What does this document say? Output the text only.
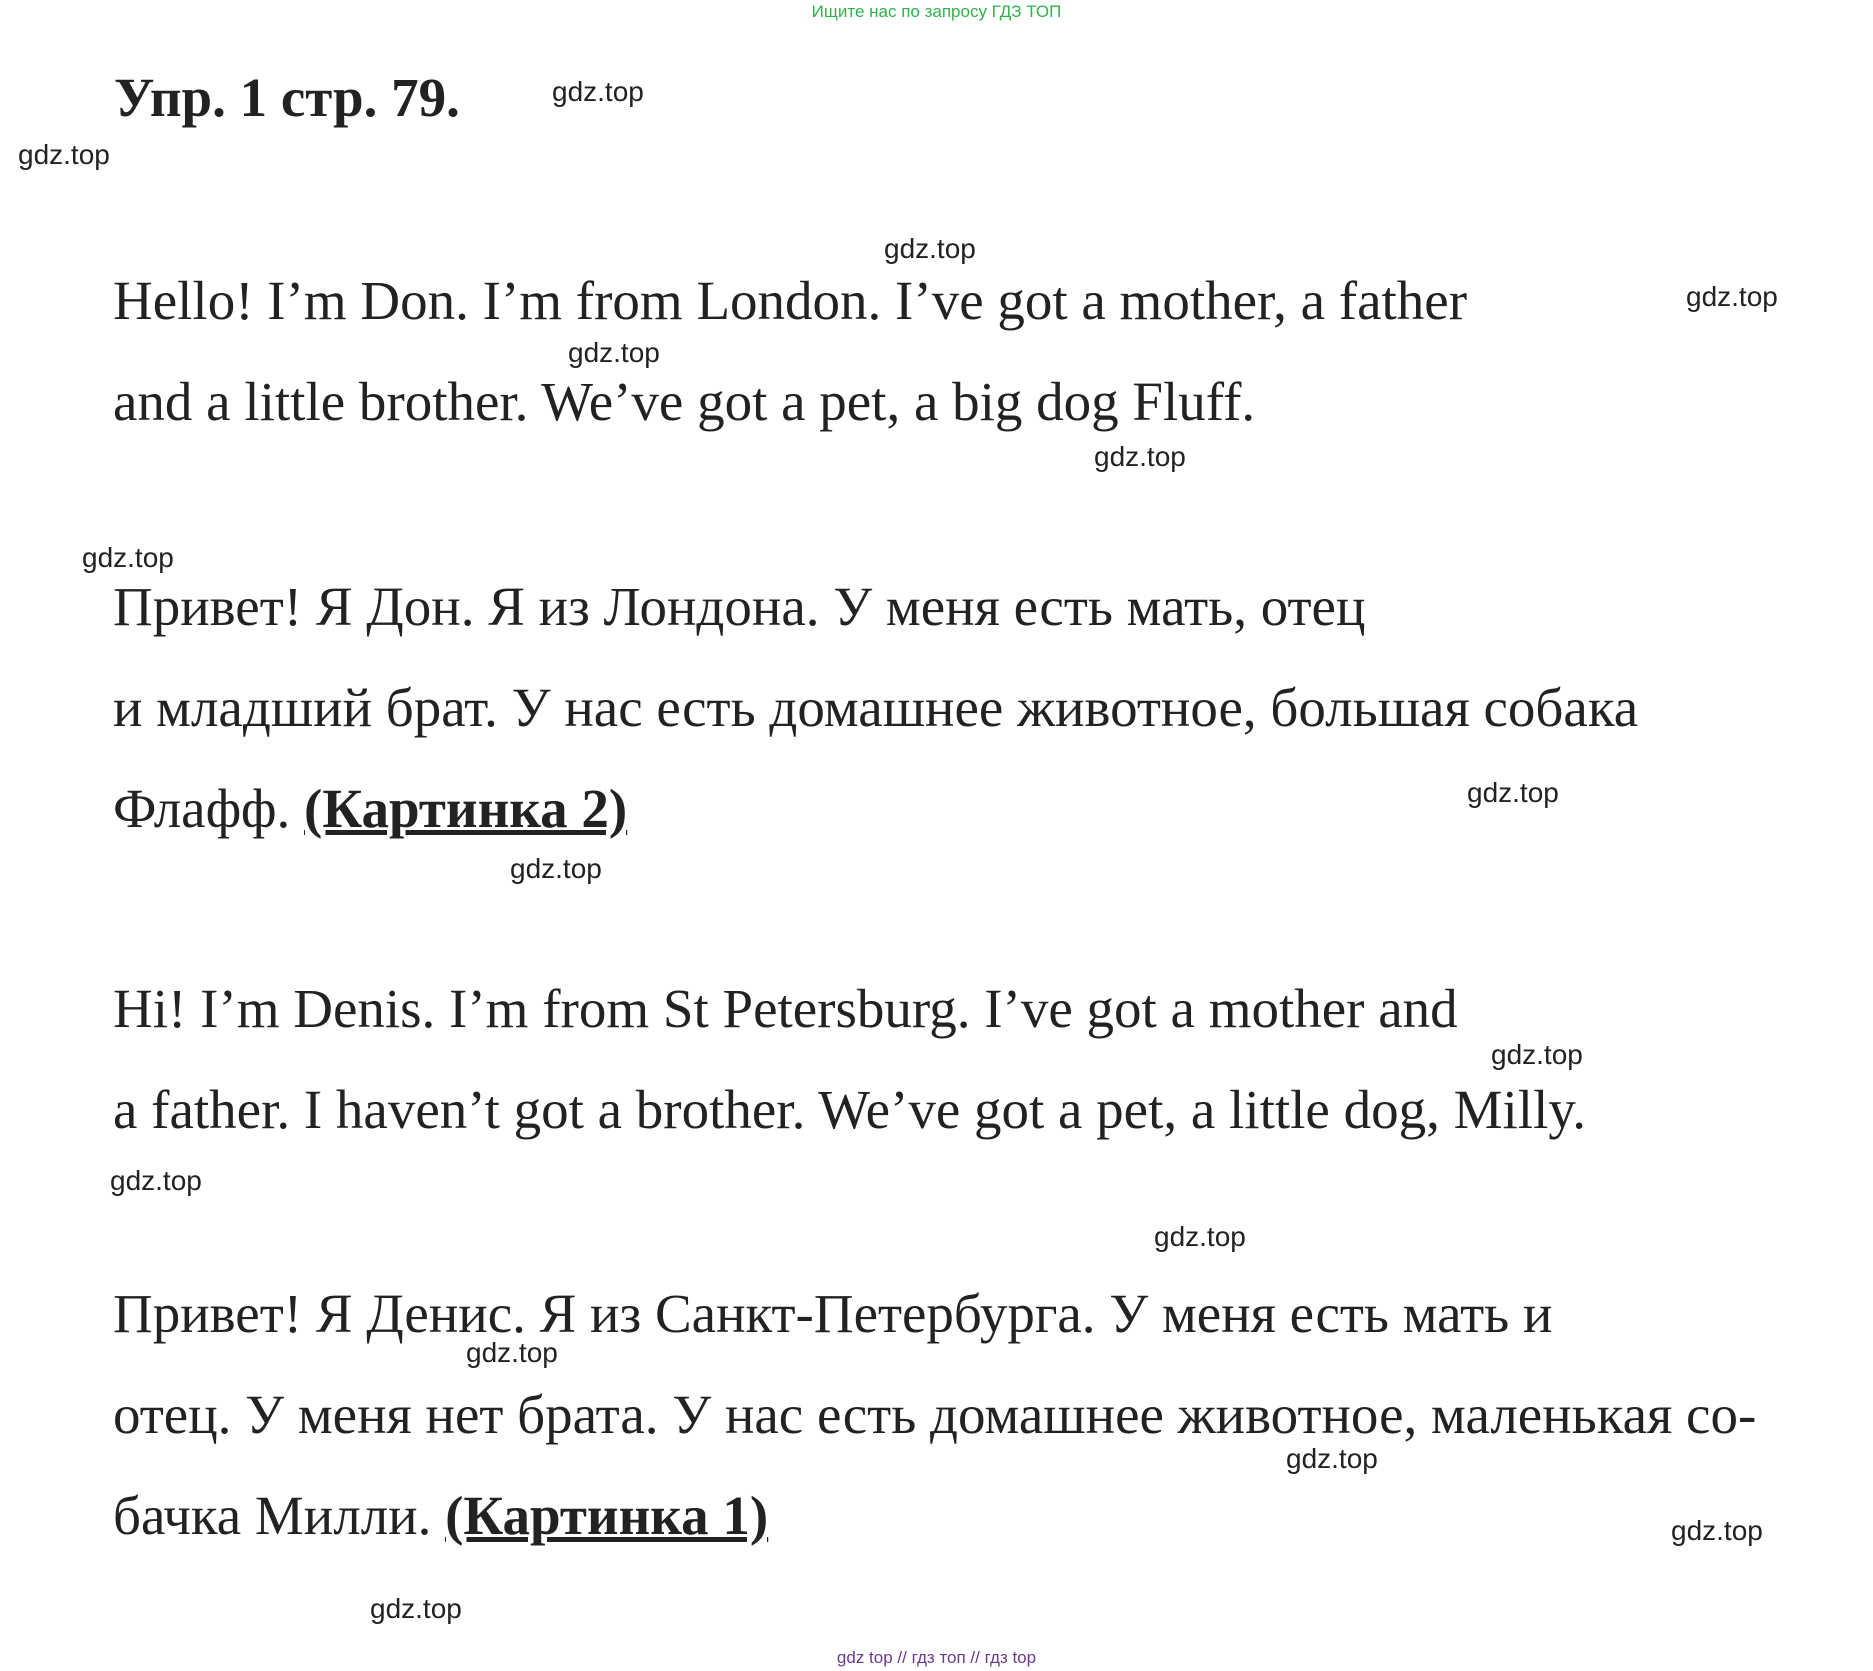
Ищите нас по запросу ГДЗ ТОП
Упр. 1 стр. 79.

Hello! I’m Don. I’m from London. I’ve got a mother, a father
and a little brother. We’ve got a pet, a big dog Fluff.

Привет! Я Дон. Я из Лондона. У меня есть мать, отец
и младший брат. У нас есть домашнее животное, большая собака
Флафф. (Картинка 2)

Hi! I’m Denis. I’m from St Petersburg. I’ve got a mother and
a father. I haven’t got a brother. We’ve got a pet, a little dog, Milly.

Привет! Я Денис. Я из Санкт-Петербурга. У меня есть мать и
отец. У меня нет брата. У нас есть домашнее животное, маленькая со-
бачка Милли. (Картинка 1)

gdz.top
gdz.top
gdz.top
gdz.top
gdz.top
gdz.top
gdz.top
gdz.top
gdz.top
gdz.top
gdz.top
gdz.top
gdz.top
gdz.top
gdz.top
gdz.top
gdz top // гдз топ // гдз top
